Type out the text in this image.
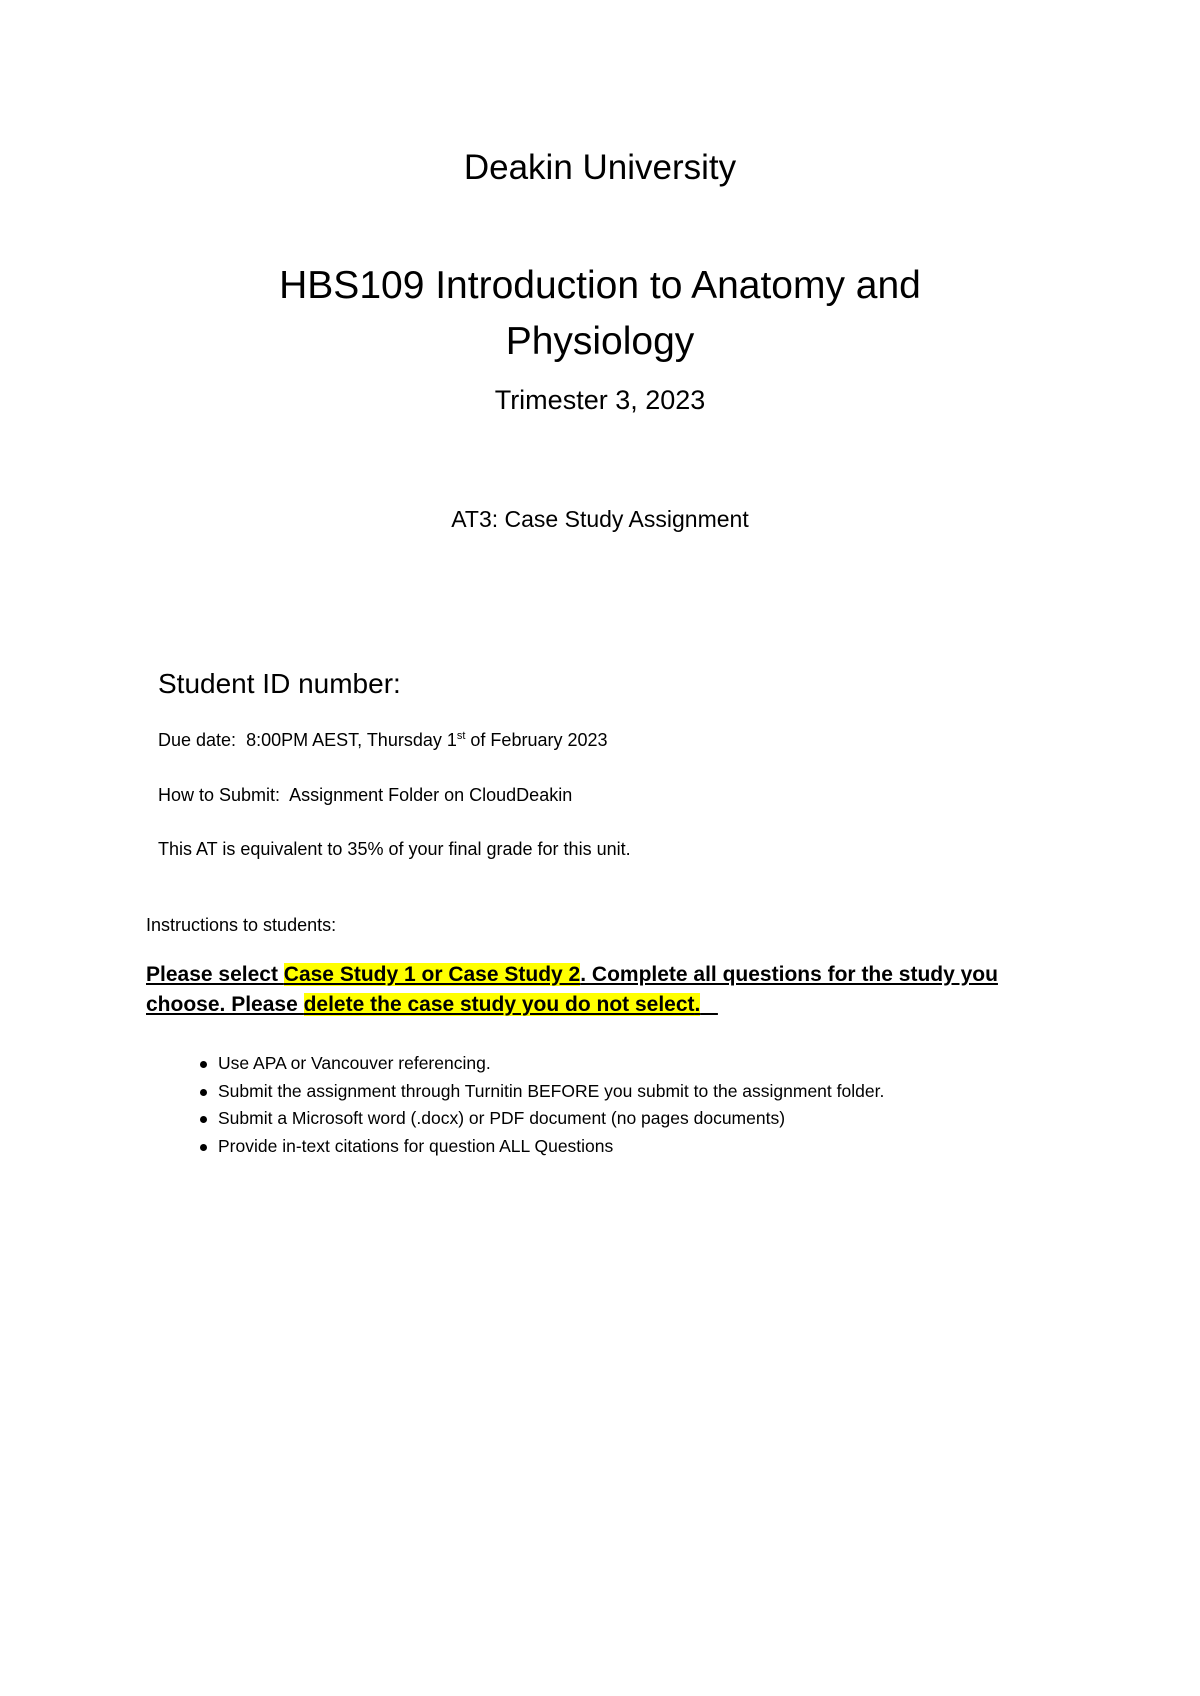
Deakin University
HBS109 Introduction to Anatomy and
Physiology
Trimester 3, 2023
AT3: Case Study Assignment
Student ID number:
Due date: 8:00PM AEST, Thursday 1st of February 2023
How to Submit: Assignment Folder on CloudDeakin
This AT is equivalent to 35% of your final grade for this unit.
Instructions to students:
Please select Case Study 1 or Case Study 2. Complete all questions for the study you
choose. Please delete the case study you do not select.
Use APA or Vancouver referencing.
Submit the assignment through Turnitin BEFORE you submit to the assignment folder.
Submit a Microsoft word (.docx) or PDF document (no pages documents)
Provide in-text citations for question ALL Questions
